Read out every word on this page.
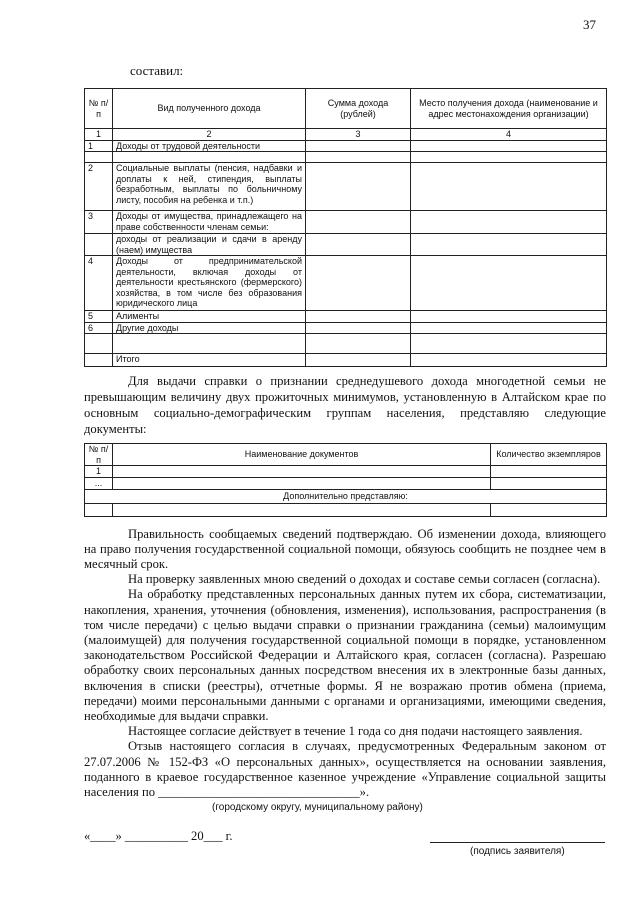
37
составил:
№ п/п	Вид полученного дохода	Сумма дохода (рублей)	Место получения дохода (наименование и адрес местонахождения организации)
1	2	3	4
1	Доходы от трудовой деятельности		

2	Социальные выплаты (пенсия, надбавки и доплаты к ней, стипендия, выплаты безработным, выплаты по больничному листу, пособия на ребенка и т.п.)		
3	Доходы от имущества, принадлежащего на праве собственности членам семьи:		
	доходы от реализации и сдачи в аренду (наем) имущества		
4	Доходы от предпринимательской деятельности, включая доходы от деятельности крестьянского (фермерского) хозяйства, в том числе без образования юридического лица		
5	Алименты		
6	Другие доходы		

	Итого		

Для выдачи справки о признании среднедушевого дохода многодетной семьи не превышающим величину двух прожиточных минимумов, установленную в Алтайском крае по основным социально-демографическим группам населения, представляю следующие документы:

№ п/п	Наименование документов	Количество экземпляров
1		
...		
Дополнительно представляю:		

Правильность сообщаемых сведений подтверждаю. Об изменении дохода, влияющего на право получения государственной социальной помощи, обязуюсь сообщить не позднее чем в месячный срок.

На проверку заявленных мною сведений о доходах и составе семьи согласен (согласна).

На обработку представленных персональных данных путем их сбора, систематизации, накопления, хранения, уточнения (обновления, изменения), использования, распространения (в том числе передачи) с целью выдачи справки о признании гражданина (семьи) малоимущим (малоимущей) для получения государственной социальной помощи в порядке, установленном законодательством Российской Федерации и Алтайского края, согласен (согласна). Разрешаю обработку своих персональных данных посредством внесения их в электронные базы данных, включения в списки (реестры), отчетные формы. Я не возражаю против обмена (приема, передачи) моими персональными данными с органами и организациями, имеющими сведения, необходимые для выдачи справки.

Настоящее согласие действует в течение 1 года со дня подачи настоящего заявления.

Отзыв настоящего согласия в случаях, предусмотренных Федеральным законом от 27.07.2006 № 152-ФЗ «О персональных данных», осуществляется на основании заявления, поданного в краевое государственное казенное учреждение «Управление социальной защиты населения по ________________________________».

(городскому округу, муниципальному району)
«____» __________ 20___ г.
(подпись заявителя)
